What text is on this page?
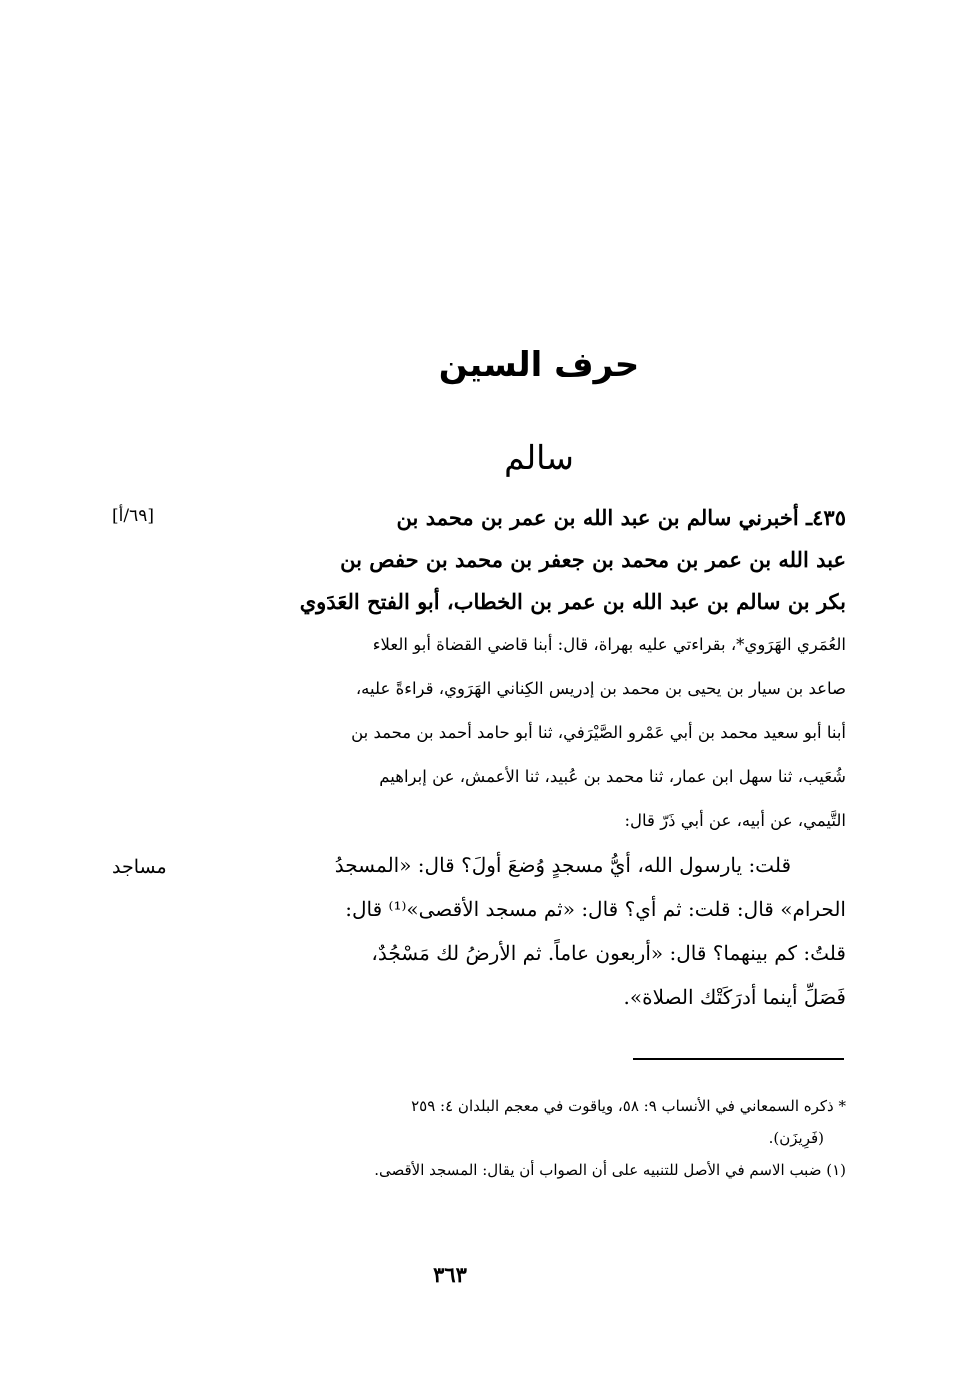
حرف السين
سالم
[٦٩/أ]
مساجد
٤٣٥ـ أخبرني سالم بن عبد الله بن عمر بن محمد بن
عبد الله بن عمر بن محمد بن جعفر بن محمد بن حفص بن
بكر بن سالم بن عبد الله بن عمر بن الخطاب، أبو الفتح العَدَوي
العُمَري الهَرَوي*، بقراءتي عليه بهراة، قال: أبنا قاضي القضاة أبو العلاء
صاعد بن سيار بن يحيى بن محمد بن إدريس الكِناني الهَرَوي، قراءةً عليه،
أبنا أبو سعيد محمد بن أبي عَمْرو الصَّيْرَفي، ثنا أبو حامد أحمد بن محمد بن
شُعَيب، ثنا سهل ابن عمار، ثنا محمد بن عُبيد، ثنا الأعمش، عن إبراهيم
التَّيمي، عن أبيه، عن أبي ذَرّ قال:
قلت: يارسول الله، أيُّ مسجدٍ وُضعَ أولَ؟ قال: «المسجدُ
الحرام» قال: قلت: ثم أي؟ قال: «ثم مسجد الأقصى»⁽¹⁾ قال:
قلتُ: كم بينهما؟ قال: «أربعون عاماً. ثم الأرضُ لك مَسْجُدٌ،
فَصَلِّ أينما أدرَكَتْك الصلاة».
* ذكره السمعاني في الأنساب ٩: ٥٨، وياقوت في معجم البلدان ٤: ٢٥٩
(فَرِيزَن).
(١) ضبب الاسم في الأصل للتنبيه على أن الصواب أن يقال: المسجد الأقصى.
٣٦٣
